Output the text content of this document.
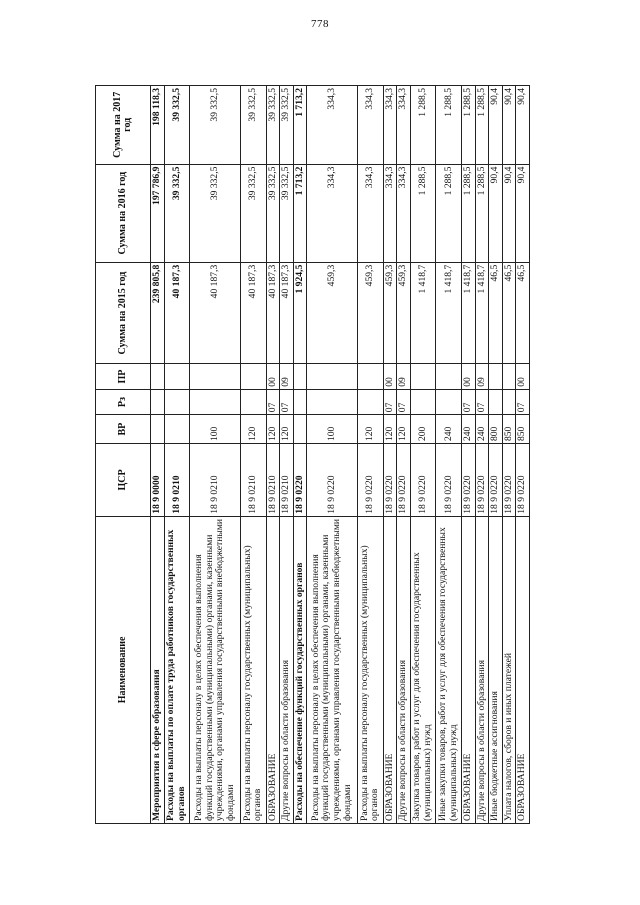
778
Наименование	ЦСР	ВР	Рз	ПР	Сумма на 2015 год	Сумма на 2016 год	Сумма на 2017 год
Мероприятия в сфере образования	18 9 0000				239 805,8	197 786,9	198 118,3
Расходы на выплаты по оплате труда работников государственных органов	18 9 0210				40 187,3	39 332,5	39 332,5
Расходы на выплаты персоналу в целях обеспечения выполнения функций государственными (муниципальными) органами, казенными учреждениями, органами управления государственными внебюджетными фондами	18 9 0210	100			40 187,3	39 332,5	39 332,5
Расходы на выплаты персоналу государственных (муниципальных) органов	18 9 0210	120			40 187,3	39 332,5	39 332,5
ОБРАЗОВАНИЕ	18 9 0210	120	07	00	40 187,3	39 332,5	39 332,5
Другие вопросы в области образования	18 9 0210	120	07	09	40 187,3	39 332,5	39 332,5
Расходы на обеспечение функций государственных органов	18 9 0220				1 924,5	1 713,2	1 713,2
Расходы на выплаты персоналу в целях обеспечения выполнения функций государственными (муниципальными) органами, казенными учреждениями, органами управления государственными внебюджетными фондами	18 9 0220	100			459,3	334,3	334,3
Расходы на выплаты персоналу государственных (муниципальных) органов	18 9 0220	120			459,3	334,3	334,3
ОБРАЗОВАНИЕ	18 9 0220	120	07	00	459,3	334,3	334,3
Другие вопросы в области образования	18 9 0220	120	07	09	459,3	334,3	334,3
Закупка товаров, работ и услуг для обеспечения государственных (муниципальных) нужд	18 9 0220	200			1 418,7	1 288,5	1 288,5
Иные закупки товаров, работ и услуг для обеспечения государственных (муниципальных) нужд	18 9 0220	240			1 418,7	1 288,5	1 288,5
ОБРАЗОВАНИЕ	18 9 0220	240	07	00	1 418,7	1 288,5	1 288,5
Другие вопросы в области образования	18 9 0220	240	07	09	1 418,7	1 288,5	1 288,5
Иные бюджетные ассигнования	18 9 0220	800			46,5	90,4	90,4
Уплата налогов, сборов и иных платежей	18 9 0220	850			46,5	90,4	90,4
ОБРАЗОВАНИЕ	18 9 0220	850	07	00	46,5	90,4	90,4
